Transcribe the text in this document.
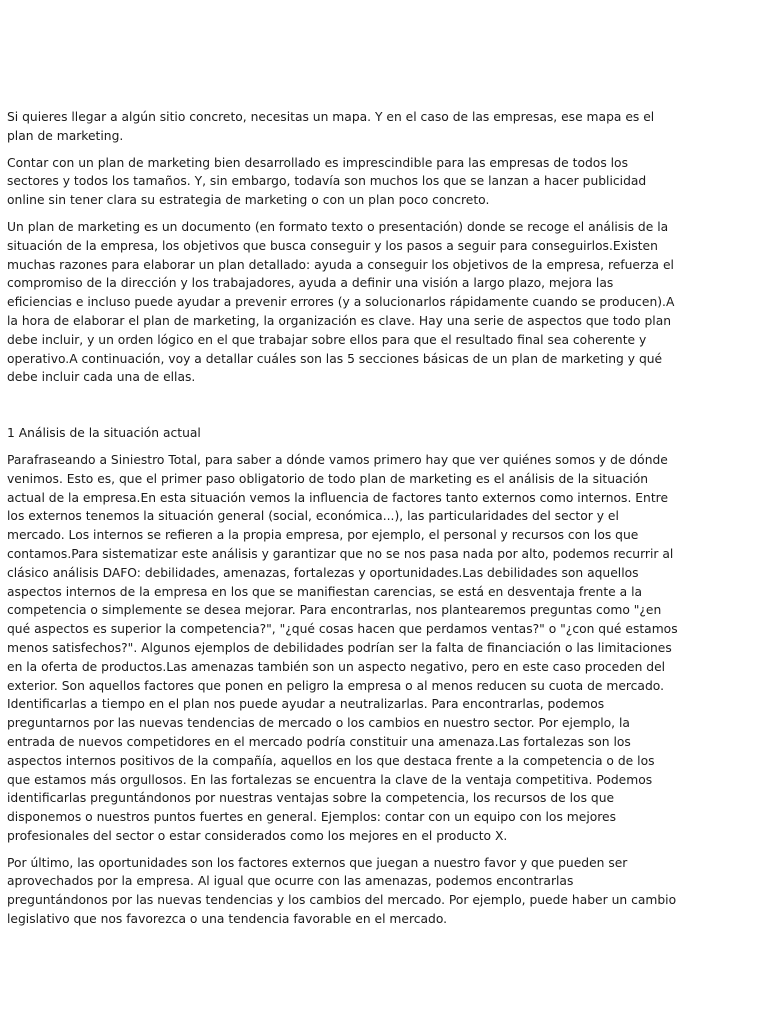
Si quieres llegar a algún sitio concreto, necesitas un mapa. Y en el caso de las empresas, ese mapa es el plan de marketing.

Contar con un plan de marketing bien desarrollado es imprescindible para las empresas de todos los sectores y todos los tamaños. Y, sin embargo, todavía son muchos los que se lanzan a hacer publicidad online sin tener clara su estrategia de marketing o con un plan poco concreto.

Un plan de marketing es un documento (en formato texto o presentación) donde se recoge el análisis de la situación de la empresa, los objetivos que busca conseguir y los pasos a seguir para conseguirlos.Existen muchas razones para elaborar un plan detallado: ayuda a conseguir los objetivos de la empresa, refuerza el compromiso de la dirección y los trabajadores, ayuda a definir una visión a largo plazo, mejora las eficiencias e incluso puede ayudar a prevenir errores (y a solucionarlos rápidamente cuando se producen).A la hora de elaborar el plan de marketing, la organización es clave. Hay una serie de aspectos que todo plan debe incluir, y un orden lógico en el que trabajar sobre ellos para que el resultado final sea coherente y operativo.A continuación, voy a detallar cuáles son las 5 secciones básicas de un plan de marketing y qué debe incluir cada una de ellas.

1 Análisis de la situación actual

Parafraseando a Siniestro Total, para saber a dónde vamos primero hay que ver quiénes somos y de dónde venimos. Esto es, que el primer paso obligatorio de todo plan de marketing es el análisis de la situación actual de la empresa.En esta situación vemos la influencia de factores tanto externos como internos. Entre los externos tenemos la situación general (social, económica...), las particularidades del sector y el mercado. Los internos se refieren a la propia empresa, por ejemplo, el personal y recursos con los que contamos.Para sistematizar este análisis y garantizar que no se nos pasa nada por alto, podemos recurrir al clásico análisis DAFO: debilidades, amenazas, fortalezas y oportunidades.Las debilidades son aquellos aspectos internos de la empresa en los que se manifiestan carencias, se está en desventaja frente a la competencia o simplemente se desea mejorar. Para encontrarlas, nos plantearemos preguntas como "¿en qué aspectos es superior la competencia?", "¿qué cosas hacen que perdamos ventas?" o "¿con qué estamos menos satisfechos?". Algunos ejemplos de debilidades podrían ser la falta de financiación o las limitaciones en la oferta de productos.Las amenazas también son un aspecto negativo, pero en este caso proceden del exterior. Son aquellos factores que ponen en peligro la empresa o al menos reducen su cuota de mercado. Identificarlas a tiempo en el plan nos puede ayudar a neutralizarlas. Para encontrarlas, podemos preguntarnos por las nuevas tendencias de mercado o los cambios en nuestro sector. Por ejemplo, la entrada de nuevos competidores en el mercado podría constituir una amenaza.Las fortalezas son los aspectos internos positivos de la compañía, aquellos en los que destaca frente a la competencia o de los que estamos más orgullosos. En las fortalezas se encuentra la clave de la ventaja competitiva. Podemos identificarlas preguntándonos por nuestras ventajas sobre la competencia, los recursos de los que disponemos o nuestros puntos fuertes en general. Ejemplos: contar con un equipo con los mejores profesionales del sector o estar considerados como los mejores en el producto X.

Por último, las oportunidades son los factores externos que juegan a nuestro favor y que pueden ser aprovechados por la empresa. Al igual que ocurre con las amenazas, podemos encontrarlas preguntándonos por las nuevas tendencias y los cambios del mercado. Por ejemplo, puede haber un cambio legislativo que nos favorezca o una tendencia favorable en el mercado.
